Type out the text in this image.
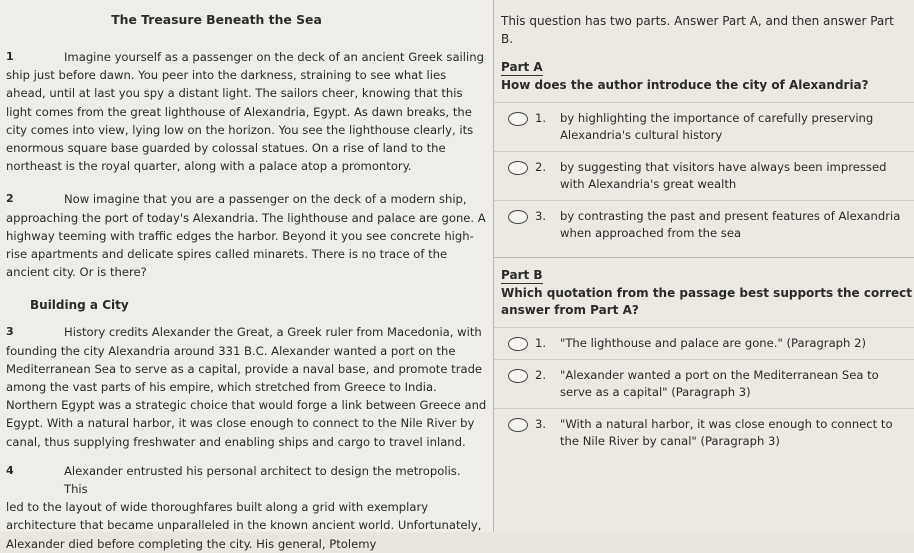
The Treasure Beneath the Sea
1	Imagine yourself as a passenger on the deck of an ancient Greek sailing
ship just before dawn. You peer into the darkness, straining to see what lies ahead, until at last you spy a distant light. The sailors cheer, knowing that this light comes from the great lighthouse of Alexandria, Egypt. As dawn breaks, the city comes into view, lying low on the horizon. You see the lighthouse clearly, its enormous square base guarded by colossal statues. On a rise of land to the northeast is the royal quarter, along with a palace atop a promontory.
2	Now imagine that you are a passenger on the deck of a modern ship,
approaching the port of today's Alexandria. The lighthouse and palace are gone. A highway teeming with traffic edges the harbor. Beyond it you see concrete high-rise apartments and delicate spires called minarets. There is no trace of the ancient city. Or is there?
Building a City
3	History credits Alexander the Great, a Greek ruler from Macedonia, with
founding the city Alexandria around 331 B.C. Alexander wanted a port on the Mediterranean Sea to serve as a capital, provide a naval base, and promote trade among the vast parts of his empire, which stretched from Greece to India. Northern Egypt was a strategic choice that would forge a link between Greece and Egypt. With a natural harbor, it was close enough to connect to the Nile River by canal, thus supplying freshwater and enabling ships and cargo to travel inland.
4	Alexander entrusted his personal architect to design the metropolis. This
led to the layout of wide thoroughfares built along a grid with exemplary architecture that became unparalleled in the known ancient world. Unfortunately, Alexander died before completing the city. His general, Ptolemy
This question has two parts. Answer Part A, and then answer Part B.
Part A
How does the author introduce the city of Alexandria?
1. by highlighting the importance of carefully preserving Alexandria's cultural history
2. by suggesting that visitors have always been impressed with Alexandria's great wealth
3. by contrasting the past and present features of Alexandria when approached from the sea
Part B
Which quotation from the passage best supports the correct answer from Part A?
1. "The lighthouse and palace are gone." (Paragraph 2)
2. "Alexander wanted a port on the Mediterranean Sea to serve as a capital" (Paragraph 3)
3. "With a natural harbor, it was close enough to connect to the Nile River by canal" (Paragraph 3)
